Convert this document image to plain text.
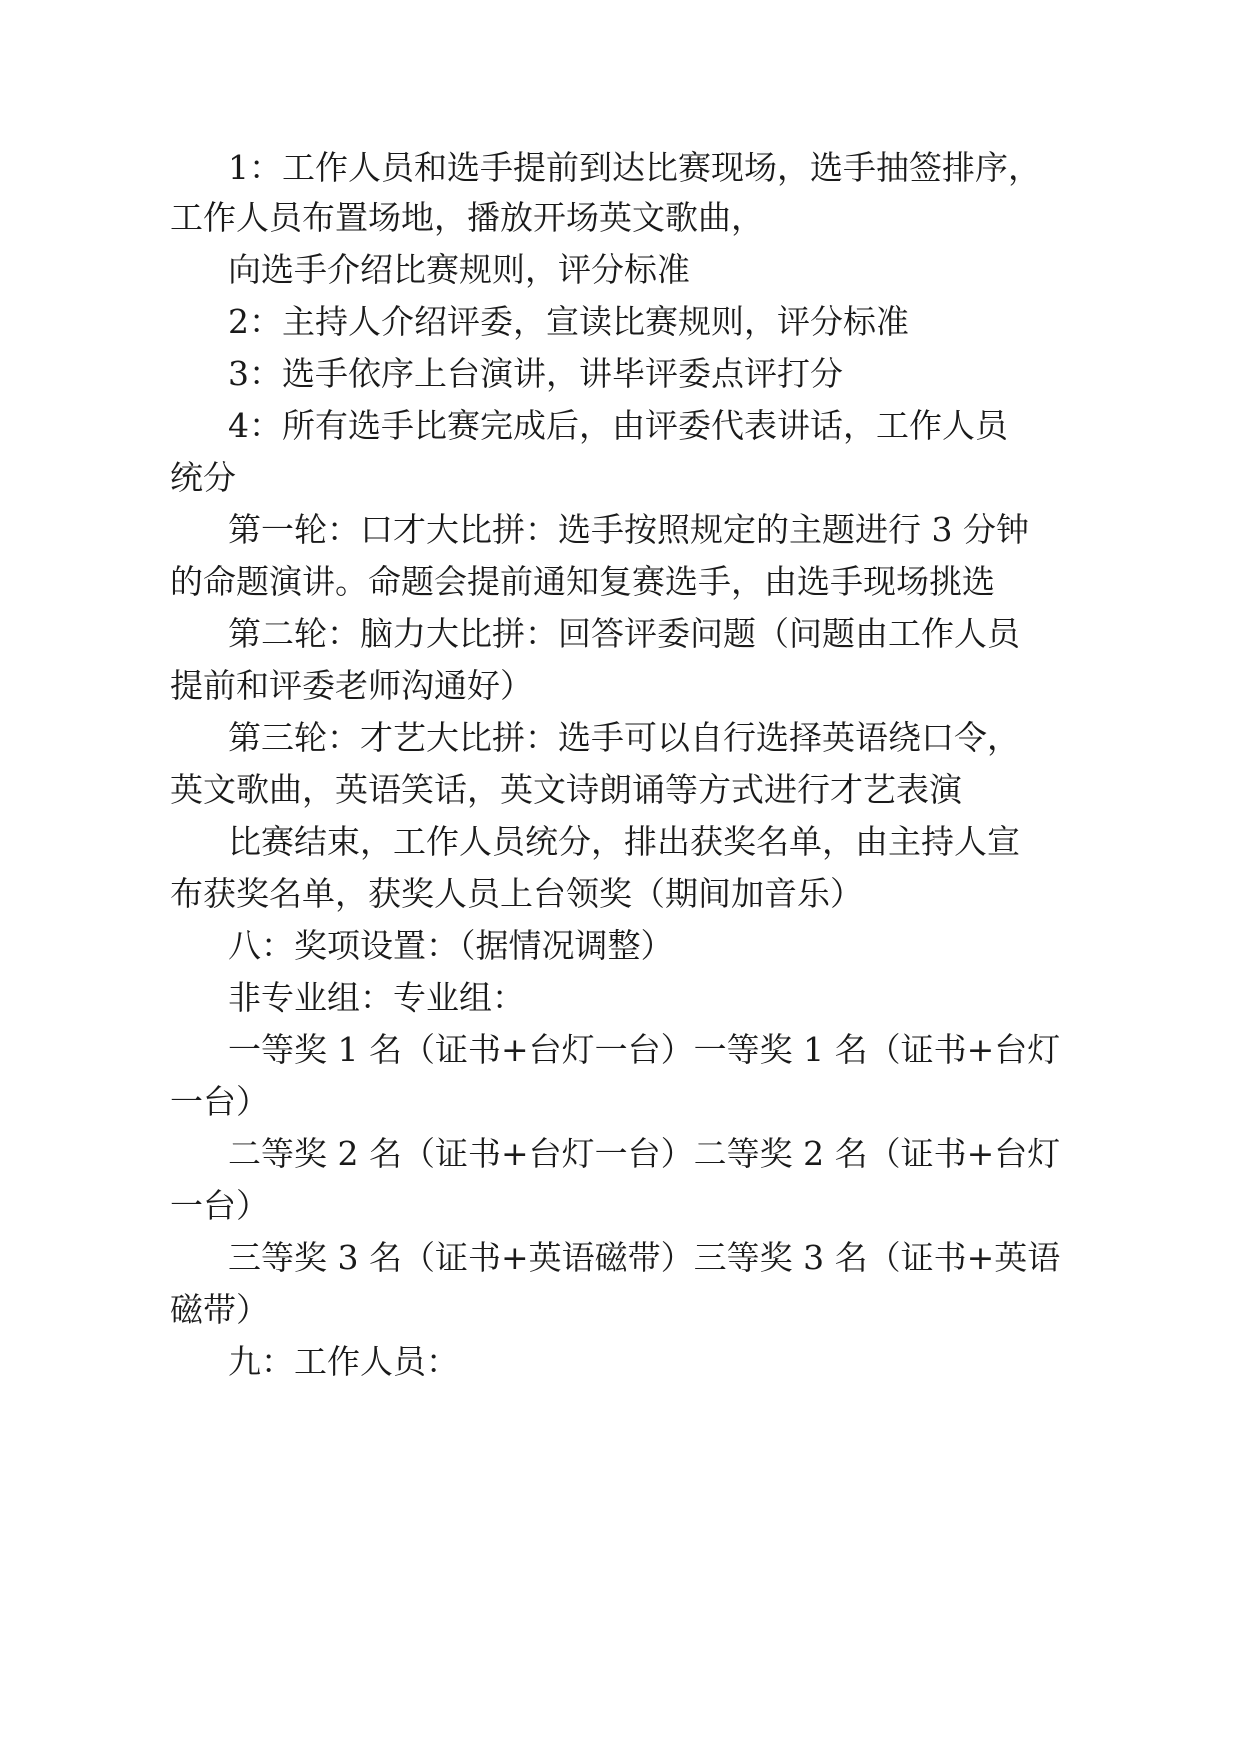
1：工作人员和选手提前到达比赛现场，选手抽签排序，
工作人员布置场地，播放开场英文歌曲，
向选手介绍比赛规则，评分标准
2：主持人介绍评委，宣读比赛规则，评分标准
3：选手依序上台演讲，讲毕评委点评打分
4：所有选手比赛完成后，由评委代表讲话，工作人员
统分
第一轮：口才大比拼：选手按照规定的主题进行 3 分钟
的命题演讲。命题会提前通知复赛选手，由选手现场挑选
第二轮：脑力大比拼：回答评委问题（问题由工作人员
提前和评委老师沟通好）
第三轮：才艺大比拼：选手可以自行选择英语绕口令，
英文歌曲，英语笑话，英文诗朗诵等方式进行才艺表演
比赛结束，工作人员统分，排出获奖名单，由主持人宣
布获奖名单，获奖人员上台领奖（期间加音乐）
八：奖项设置：（据情况调整）
非专业组：专业组：
一等奖 1 名（证书+台灯一台）一等奖 1 名（证书+台灯
一台）
二等奖 2 名（证书+台灯一台）二等奖 2 名（证书+台灯
一台）
三等奖 3 名（证书+英语磁带）三等奖 3 名（证书+英语
磁带）
九：工作人员：
